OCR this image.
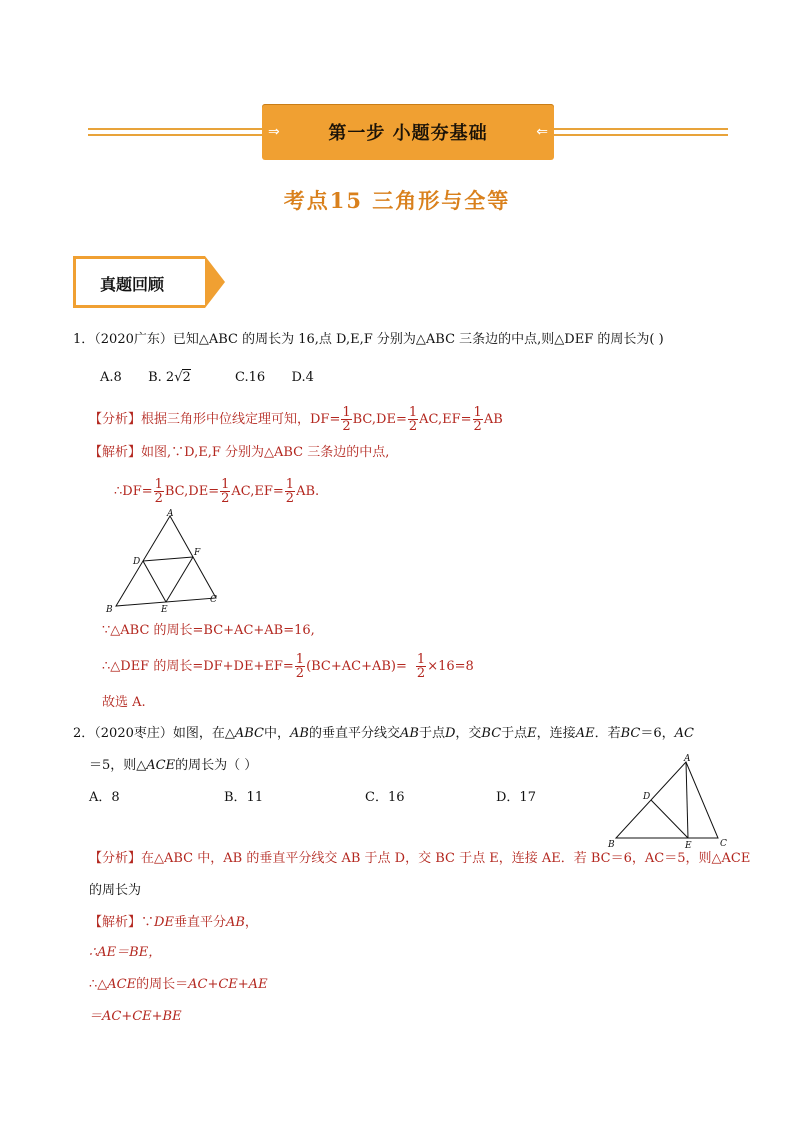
⇒	第一步 小题夯基础	⇐
考点15 三角形与全等
真题回顾
1．（2020广东）已知△ABC 的周长为 16,点 D,E,F 分别为△ABC 三条边的中点,则△DEF 的周长为( )
A.8 B. 2√2	C.16 D.4
【分析】根据三角形中位线定理可知，$DF= \frac{1}{2} BC,DE= \frac{1}{2} AC,EF= \frac{1}{2}$ AB
【解析】如图,∵D,E,F 分别为△ABC 三条边的中点,
∴DF= $\frac{1}{2} BC,DE= \frac{1}{2} AC,EF= \frac{1}{2}$ AB.
A
B
C
D
E
F
∵△ABC 的周长=BC+AC+AB=16,
∴△DEF 的周长$=DF+DE+EF= \frac{1}{2} (BC+AC+AB)= \frac{1}{2} \times 16=8$
故选 A.
2．（2020枣庄）如图，在△ABC中，AB的垂直平分线交AB于点D，交BC于点E，连接AE．若BC＝6，AC
＝5，则△ACE的周长为（ ）
A．8	B．11	C．16	D．17
A
B	C
D
E
【分析】在△ABC 中，AB 的垂直平分线交 AB 于点 D，交 BC 于点 E，连接 AE．若 BC＝6，AC＝5，则△ACE
的周长为
【解析】∵DE垂直平分AB，
∴AE＝BE，
∴△ACE的周长＝AC+CE+AE
＝AC+CE+BE
